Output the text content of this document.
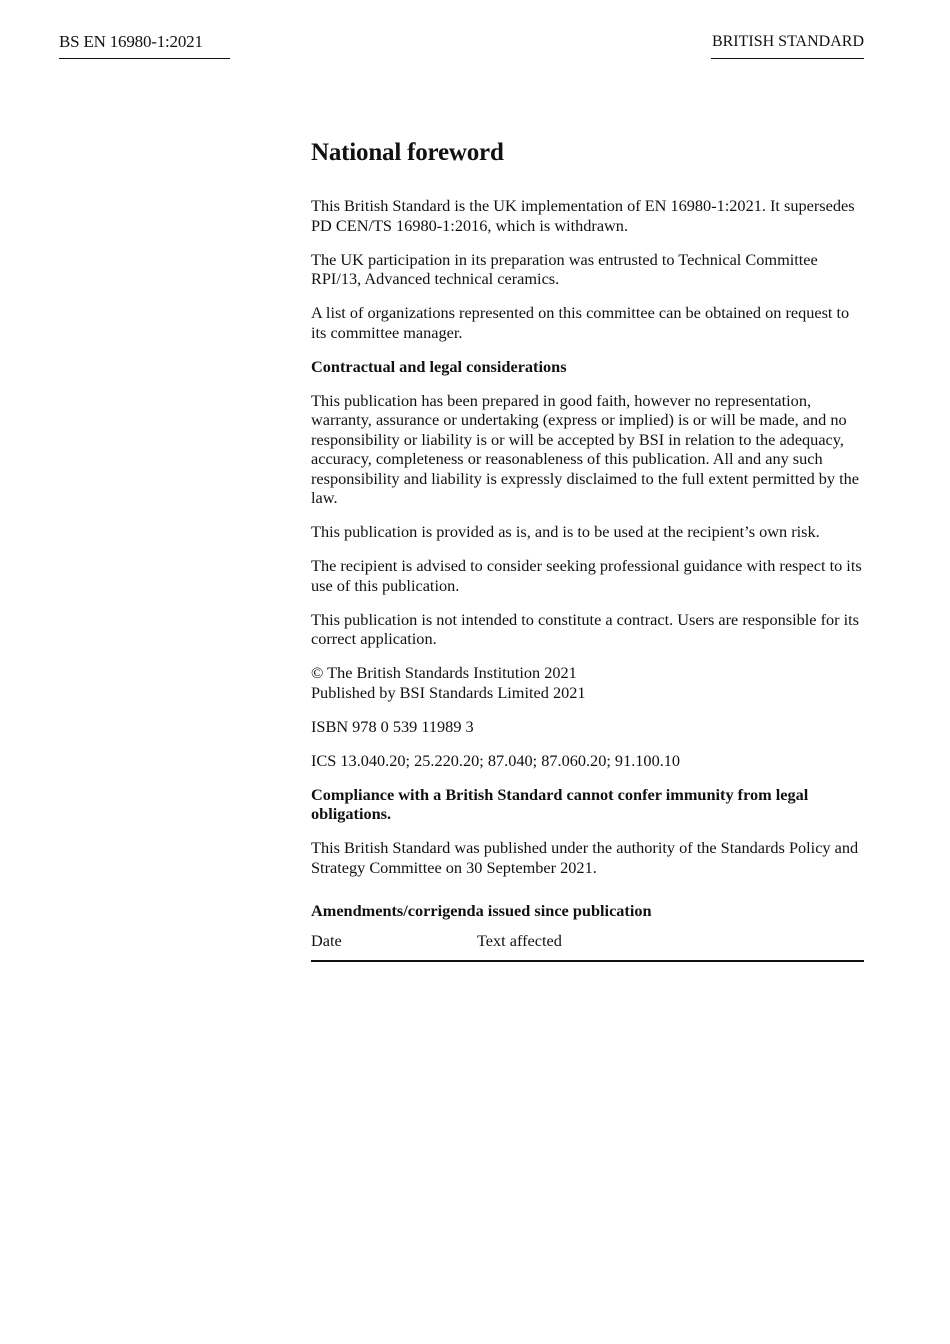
BS EN 16980-1:2021	BRITISH STANDARD
National foreword

This British Standard is the UK implementation of EN 16980-1:2021. It supersedes PD CEN/TS 16980-1:2016, which is withdrawn.

The UK participation in its preparation was entrusted to Technical Committee RPI/13, Advanced technical ceramics.

A list of organizations represented on this committee can be obtained on request to its committee manager.

Contractual and legal considerations

This publication has been prepared in good faith, however no representation, warranty, assurance or undertaking (express or implied) is or will be made, and no responsibility or liability is or will be accepted by BSI in relation to the adequacy, accuracy, completeness or reasonableness of this publication. All and any such responsibility and liability is expressly disclaimed to the full extent permitted by the law.

This publication is provided as is, and is to be used at the recipient’s own risk.

The recipient is advised to consider seeking professional guidance with respect to its use of this publication.

This publication is not intended to constitute a contract. Users are responsible for its correct application.

© The British Standards Institution 2021
Published by BSI Standards Limited 2021

ISBN 978 0 539 11989 3

ICS 13.040.20; 25.220.20; 87.040; 87.060.20; 91.100.10

Compliance with a British Standard cannot confer immunity from legal obligations.

This British Standard was published under the authority of the Standards Policy and Strategy Committee on 30 September 2021.

Amendments/corrigenda issued since publication

Date	Text affected
